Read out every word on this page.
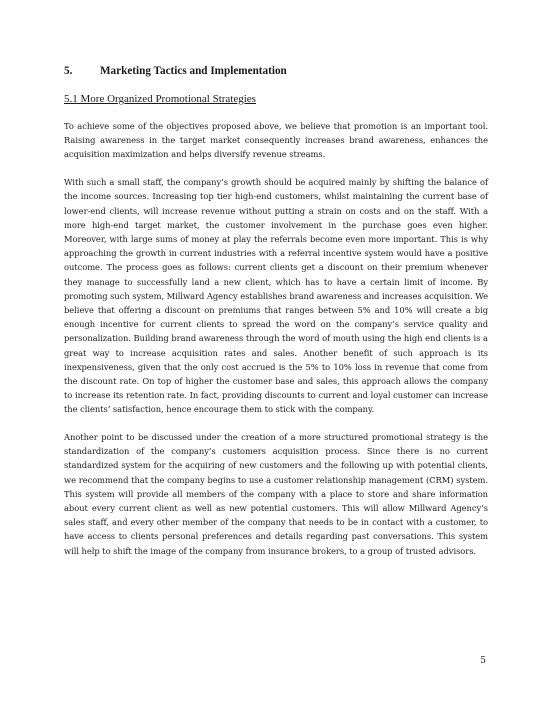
5.	Marketing Tactics and Implementation
5.1 More Organized Promotional Strategies

To achieve some of the objectives proposed above, we believe that promotion is an important tool. Raising awareness in the target market consequently increases brand awareness, enhances the acquisition maximization and helps diversify revenue streams.

With such a small staff, the company’s growth should be acquired mainly by shifting the balance of the income sources. Increasing top tier high-end customers, whilst maintaining the current base of lower-end clients, will increase revenue without putting a strain on costs and on the staff. With a more high-end target market, the customer involvement in the purchase goes even higher. Moreover, with large sums of money at play the referrals become even more important. This is why approaching the growth in current industries with a referral incentive system would have a positive outcome. The process goes as follows: current clients get a discount on their premium whenever they manage to successfully land a new client, which has to have a certain limit of income. By promoting such system, Millward Agency establishes brand awareness and increases acquisition. We believe that offering a discount on premiums that ranges between 5% and 10% will create a big enough incentive for current clients to spread the word on the company’s service quality and personalization. Building brand awareness through the word of mouth using the high end clients is a great way to increase acquisition rates and sales. Another benefit of such approach is its inexpensiveness, given that the only cost accrued is the 5% to 10% loss in revenue that come from the discount rate. On top of higher the customer base and sales, this approach allows the company to increase its retention rate. In fact, providing discounts to current and loyal customer can increase the clients’ satisfaction, hence encourage them to stick with the company.

Another point to be discussed under the creation of a more structured promotional strategy is the standardization of the company’s customers acquisition process. Since there is no current standardized system for the acquiring of new customers and the following up with potential clients, we recommend that the company begins to use a customer relationship management (CRM) system. This system will provide all members of the company with a place to store and share information about every current client as well as new potential customers. This will allow Millward Agency’s sales staff, and every other member of the company that needs to be in contact with a customer, to have access to clients personal preferences and details regarding past conversations. This system will help to shift the image of the company from insurance brokers, to a group of trusted advisors.

5
